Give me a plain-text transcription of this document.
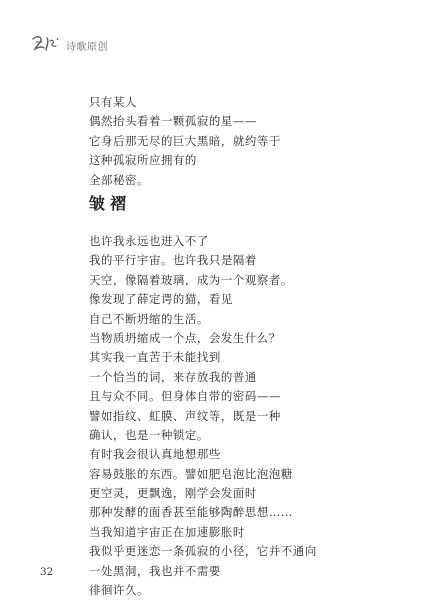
诗歌原创
只有某人
偶然抬头看着一颗孤寂的星——
它身后那无尽的巨大黑暗，就约等于
这种孤寂所应拥有的
全部秘密。
皱褶
也许我永远也进入不了
我的平行宇宙。也许我只是隔着
天空，像隔着玻璃，成为一个观察者。
像发现了薛定谔的猫，看见
自己不断坍缩的生活。
当物质坍缩成一个点，会发生什么？
其实我一直苦于未能找到
一个恰当的词，来存放我的普通
且与众不同。但身体自带的密码——
譬如指纹、虹膜、声纹等，既是一种
确认，也是一种锁定。
有时我会很认真地想那些
容易鼓胀的东西。譬如肥皂泡比泡泡糖
更空灵，更飘逸，刚学会发面时
那种发酵的面香甚至能够陶醉思想……
当我知道宇宙正在加速膨胀时
我似乎更迷恋一条孤寂的小径，它并不通向
一处黑洞，我也并不需要
徘徊许久。
32
